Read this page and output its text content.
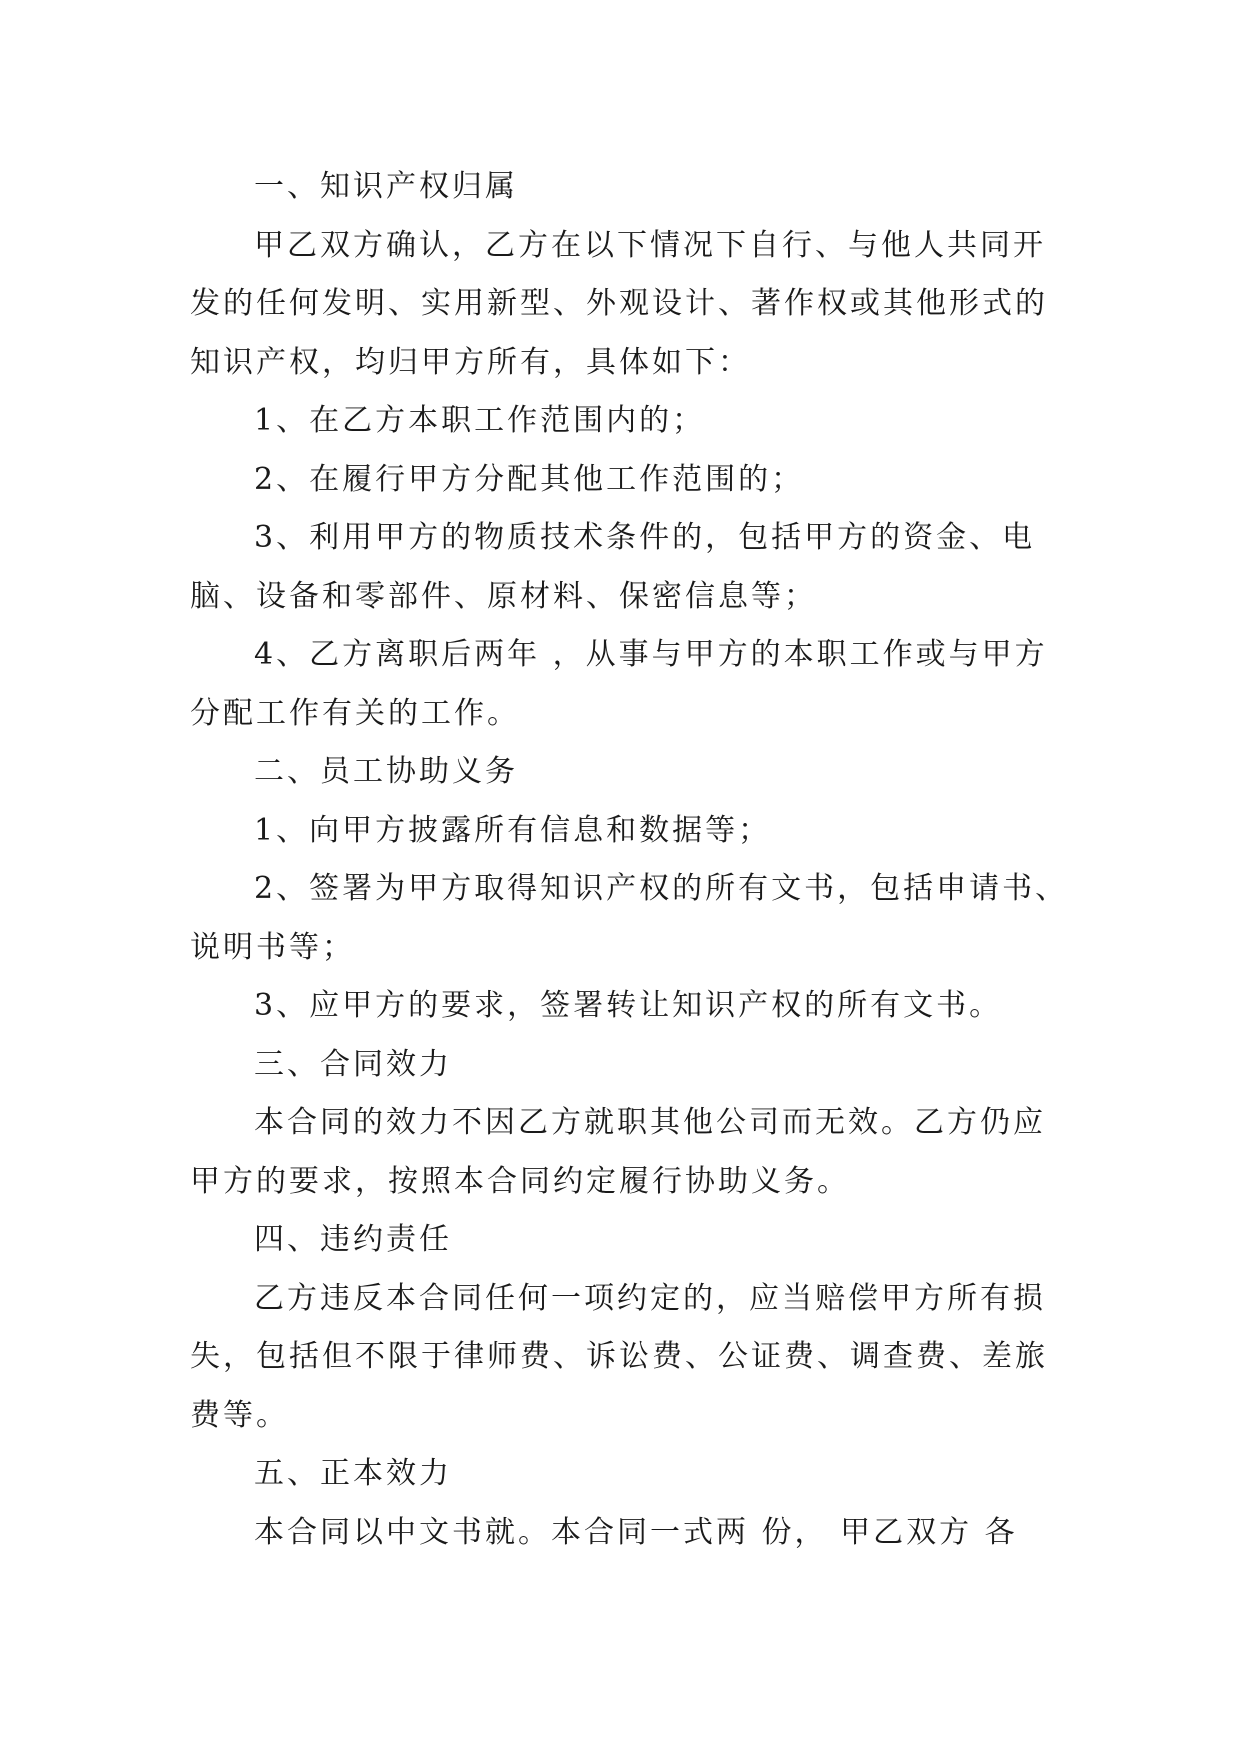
一、知识产权归属

甲乙双方确认，乙方在以下情况下自行、与他人共同开发的任何发明、实用新型、外观设计、著作权或其他形式的知识产权，均归甲方所有，具体如下：

1、在乙方本职工作范围内的；

2、在履行甲方分配其他工作范围的；

3、利用甲方的物质技术条件的，包括甲方的资金、电脑、设备和零部件、原材料、保密信息等；

4、乙方离职后两年 ，从事与甲方的本职工作或与甲方分配工作有关的工作。

二、员工协助义务

1、向甲方披露所有信息和数据等；

2、签署为甲方取得知识产权的所有文书，包括申请书、说明书等；

3、应甲方的要求，签署转让知识产权的所有文书。

三、合同效力

本合同的效力不因乙方就职其他公司而无效。乙方仍应甲方的要求，按照本合同约定履行协助义务。

四、违约责任

乙方违反本合同任何一项约定的，应当赔偿甲方所有损失，包括但不限于律师费、诉讼费、公证费、调查费、差旅费等。

五、正本效力

本合同以中文书就。本合同一式两 份， 甲乙双方 各
